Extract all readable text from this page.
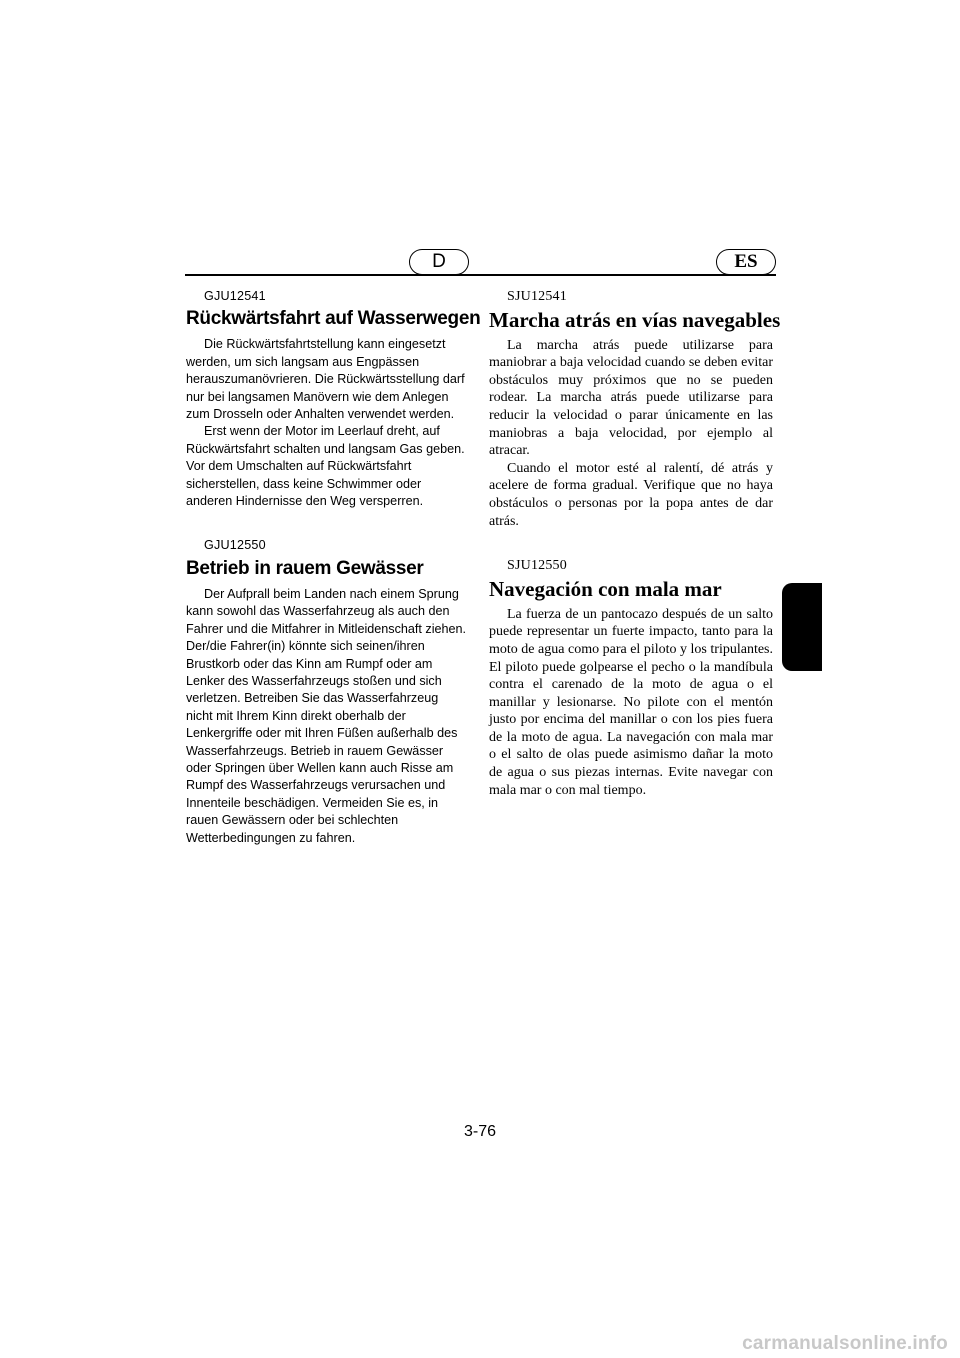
D	ES

GJU12541

Rückwärtsfahrt auf Wasserwegen

Die Rückwärtsfahrtstellung kann eingesetzt werden, um sich langsam aus Engpässen herauszumanövrieren. Die Rückwärtsstellung darf nur bei langsamen Manövern wie dem Anlegen zum Drosseln oder Anhalten verwendet werden.

Erst wenn der Motor im Leerlauf dreht, auf Rückwärtsfahrt schalten und langsam Gas geben. Vor dem Umschalten auf Rückwärtsfahrt sicherstellen, dass keine Schwimmer oder anderen Hindernisse den Weg versperren.

GJU12550

Betrieb in rauem Gewässer

Der Aufprall beim Landen nach einem Sprung kann sowohl das Wasserfahrzeug als auch den Fahrer und die Mitfahrer in Mitleidenschaft ziehen. Der/die Fahrer(in) könnte sich seinen/ihren Brustkorb oder das Kinn am Rumpf oder am Lenker des Wasserfahrzeugs stoßen und sich verletzen. Betreiben Sie das Wasserfahrzeug nicht mit Ihrem Kinn direkt oberhalb der Lenkergriffe oder mit Ihren Füßen außerhalb des Wasserfahrzeugs. Betrieb in rauem Gewässer oder Springen über Wellen kann auch Risse am Rumpf des Wasserfahrzeugs verursachen und Innenteile beschädigen. Vermeiden Sie es, in rauen Gewässern oder bei schlechten Wetterbedingungen zu fahren.

SJU12541

Marcha atrás en vías navegables

La marcha atrás puede utilizarse para maniobrar a baja velocidad cuando se deben evitar obstáculos muy próximos que no se pueden rodear. La marcha atrás puede utilizarse para reducir la velocidad o parar únicamente en las maniobras a baja velocidad, por ejemplo al atracar.

Cuando el motor esté al ralentí, dé atrás y acelere de forma gradual. Verifique que no haya obstáculos o personas por la popa antes de dar atrás.

SJU12550

Navegación con mala mar

La fuerza de un pantocazo después de un salto puede representar un fuerte impacto, tanto para la moto de agua como para el piloto y los tripulantes. El piloto puede golpearse el pecho o la mandíbula contra el carenado de la moto de agua o el manillar y lesionarse. No pilote con el mentón justo por encima del manillar o con los pies fuera de la moto de agua. La navegación con mala mar o el salto de olas puede asimismo dañar la moto de agua o sus piezas internas. Evite navegar con mala mar o con mal tiempo.

3-76
carmanualsonline.info
